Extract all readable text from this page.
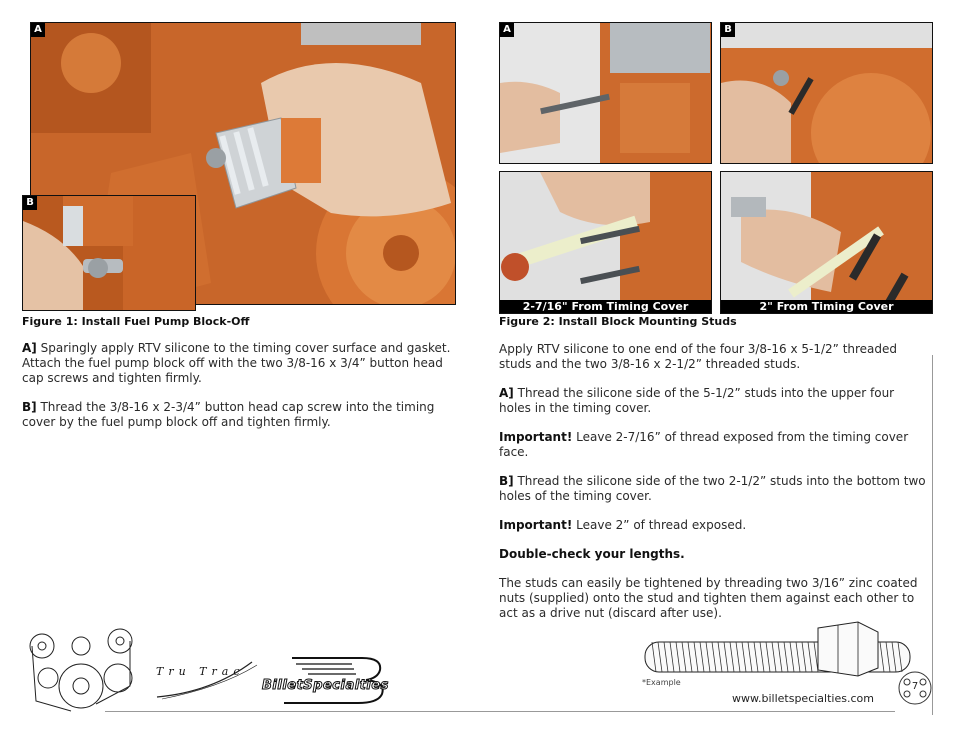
A
B
Figure 1: Install Fuel Pump Block-Off

A] Sparingly apply RTV silicone to the timing cover surface and gasket. Attach the fuel pump block off with the two 3/8-16 x 3/4” button head cap screws and tighten firmly.

B] Thread the 3/8-16 x 2-3/4” button head cap screw into the timing cover by the fuel pump block off and tighten firmly.

A	B
2-7/16" From Timing Cover	2" From Timing Cover
Figure 2: Install Block Mounting Studs

Apply RTV silicone to one end of the four 3/8-16 x 5-1/2” threaded studs and the two 3/8-16 x 2-1/2” threaded studs.

A] Thread the silicone side of the 5-1/2” studs into the upper four holes in the timing cover.

Important! Leave 2-7/16” of thread exposed from the timing cover face.

B] Thread the silicone side of the two 2-1/2” studs into the bottom two holes of the timing cover.

Important! Leave 2” of thread exposed.

Double-check your lengths.

The studs can easily be tightened by threading two 3/16” zinc coated nuts (supplied) onto the stud and tighten them against each other to act as a drive nut (discard after use).

*Example
Tru Trac
BilletSpecialties
www.billetspecialties.com
7
